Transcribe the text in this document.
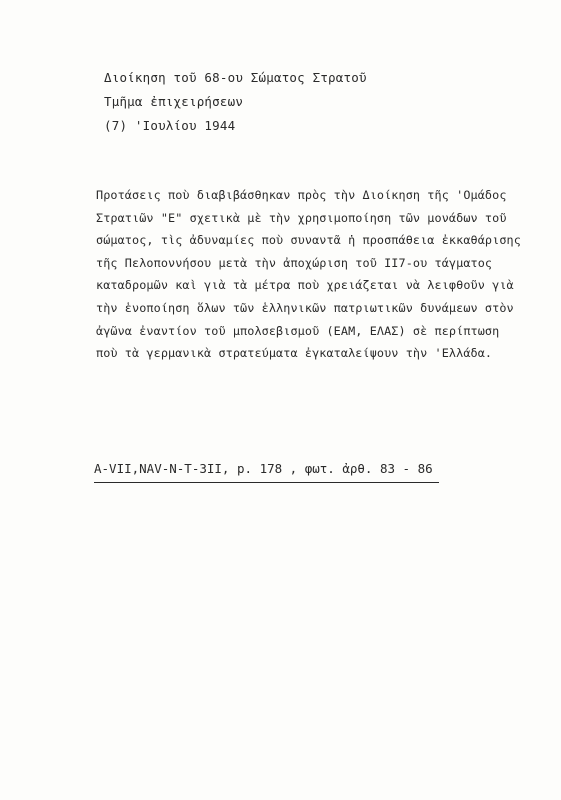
Διοίκηση τοῦ 68-ου Σώματος Στρατοῦ
Τμῆμα ἐπιχειρήσεων
(7) 'Ιουλίου 1944
Προτάσεις ποὺ διαβιβάσθηκαν πρὸς τὴν Διοίκηση τῆς 'Ομάδος
Στρατιῶν "Ε" σχετικὰ μὲ τὴν χρησιμοποίηση τῶν μονάδων τοῦ
σώματος, τὶς ἀδυναμίες ποὺ συναντᾶ ἡ προσπάθεια ἐκκαθάρισης
τῆς Πελοποννήσου μετὰ τὴν ἀποχώριση τοῦ ΙΙ7-ου τάγματος
καταδρομῶν καὶ γιὰ τὰ μέτρα ποὺ χρειάζεται νὰ λειφθοῦν γιὰ
τὴν ἑνοποίηση ὅλων τῶν ἑλληνικῶν πατριωτικῶν δυνάμεων στὸν
ἀγῶνα ἐναντίον τοῦ μπολσεβισμοῦ (ΕΑΜ, ΕΛΑΣ) σὲ περίπτωση
ποὺ τὰ γερμανικὰ στρατεύματα ἐγκαταλείψουν τὴν 'Ελλάδα.
A-VII,NAV-N-T-3II, p. 178 , φωτ. ἀρθ. 83 - 86
